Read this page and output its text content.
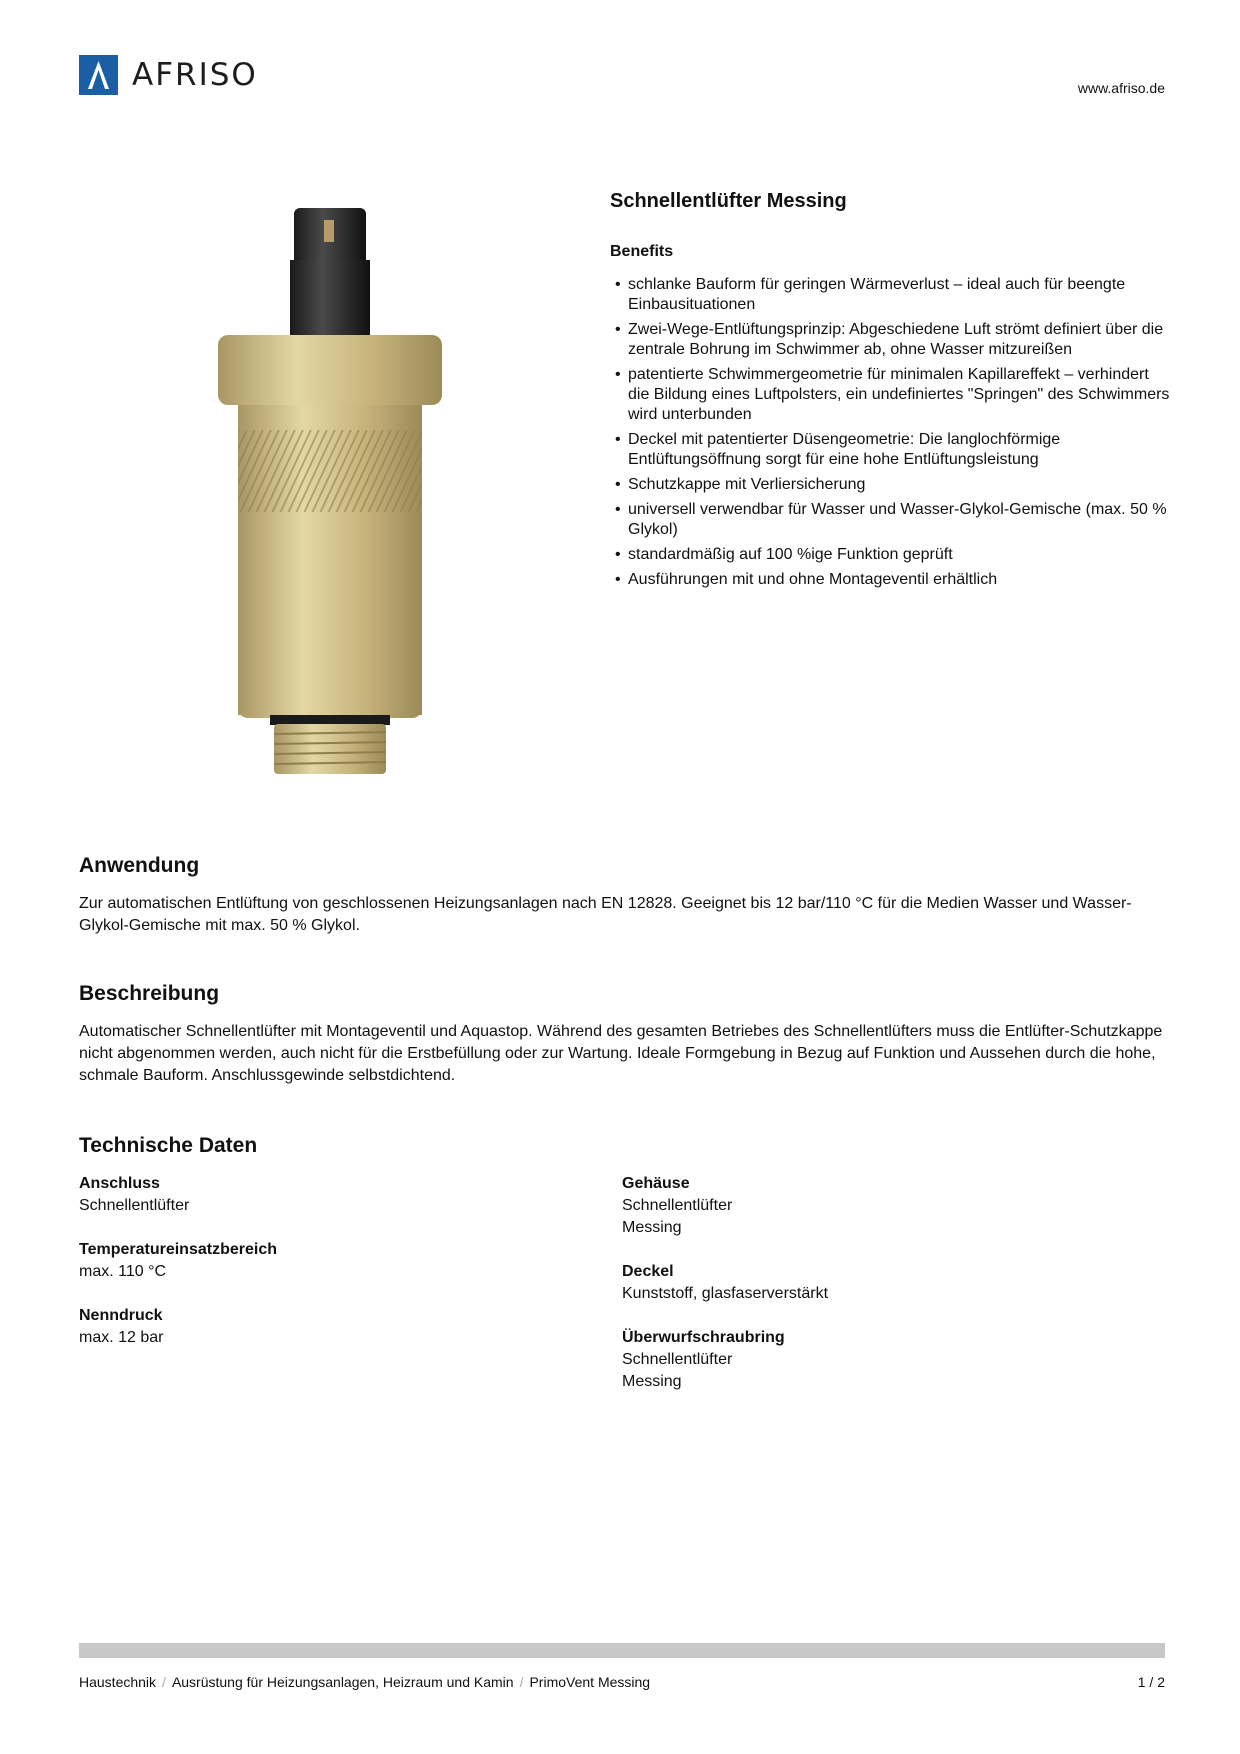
AFRISO	www.afriso.de
Schnellentlüfter Messing
Benefits
• schlanke Bauform für geringen Wärmeverlust – ideal auch für beengte Einbausituationen
• Zwei-Wege-Entlüftungsprinzip: Abgeschiedene Luft strömt definiert über die zentrale Bohrung im Schwimmer ab, ohne Wasser mitzureißen
• patentierte Schwimmergeometrie für minimalen Kapillareffekt – verhindert die Bildung eines Luftpolsters, ein undefiniertes "Springen" des Schwimmers wird unterbunden
• Deckel mit patentierter Düsengeometrie: Die langlochförmige Entlüftungsöffnung sorgt für eine hohe Entlüftungsleistung
• Schutzkappe mit Verliersicherung
• universell verwendbar für Wasser und Wasser-Glykol-Gemische (max. 50 % Glykol)
• standardmäßig auf 100 %ige Funktion geprüft
• Ausführungen mit und ohne Montageventil erhältlich
Anwendung

Zur automatischen Entlüftung von geschlossenen Heizungsanlagen nach EN 12828. Geeignet bis 12 bar/110 °C für die Medien Wasser und Wasser-Glykol-Gemische mit max. 50 % Glykol.

Beschreibung

Automatischer Schnellentlüfter mit Montageventil und Aquastop. Während des gesamten Betriebes des Schnellentlüfters muss die Entlüfter-Schutzkappe nicht abgenommen werden, auch nicht für die Erstbefüllung oder zur Wartung. Ideale Formgebung in Bezug auf Funktion und Aussehen durch die hohe, schmale Bauform. Anschlussgewinde selbstdichtend.

Technische Daten
Anschluss
Schnellentlüfter
Temperatureinsatzbereich
max. 110 °C
Nenndruck
max. 12 bar
Gehäuse
Schnellentlüfter
Messing
Deckel
Kunststoff, glasfaserverstärkt
Überwurfschraubring
Schnellentlüfter
Messing
Haustechnik / Ausrüstung für Heizungsanlagen, Heizraum und Kamin / PrimoVent Messing	1 / 2
